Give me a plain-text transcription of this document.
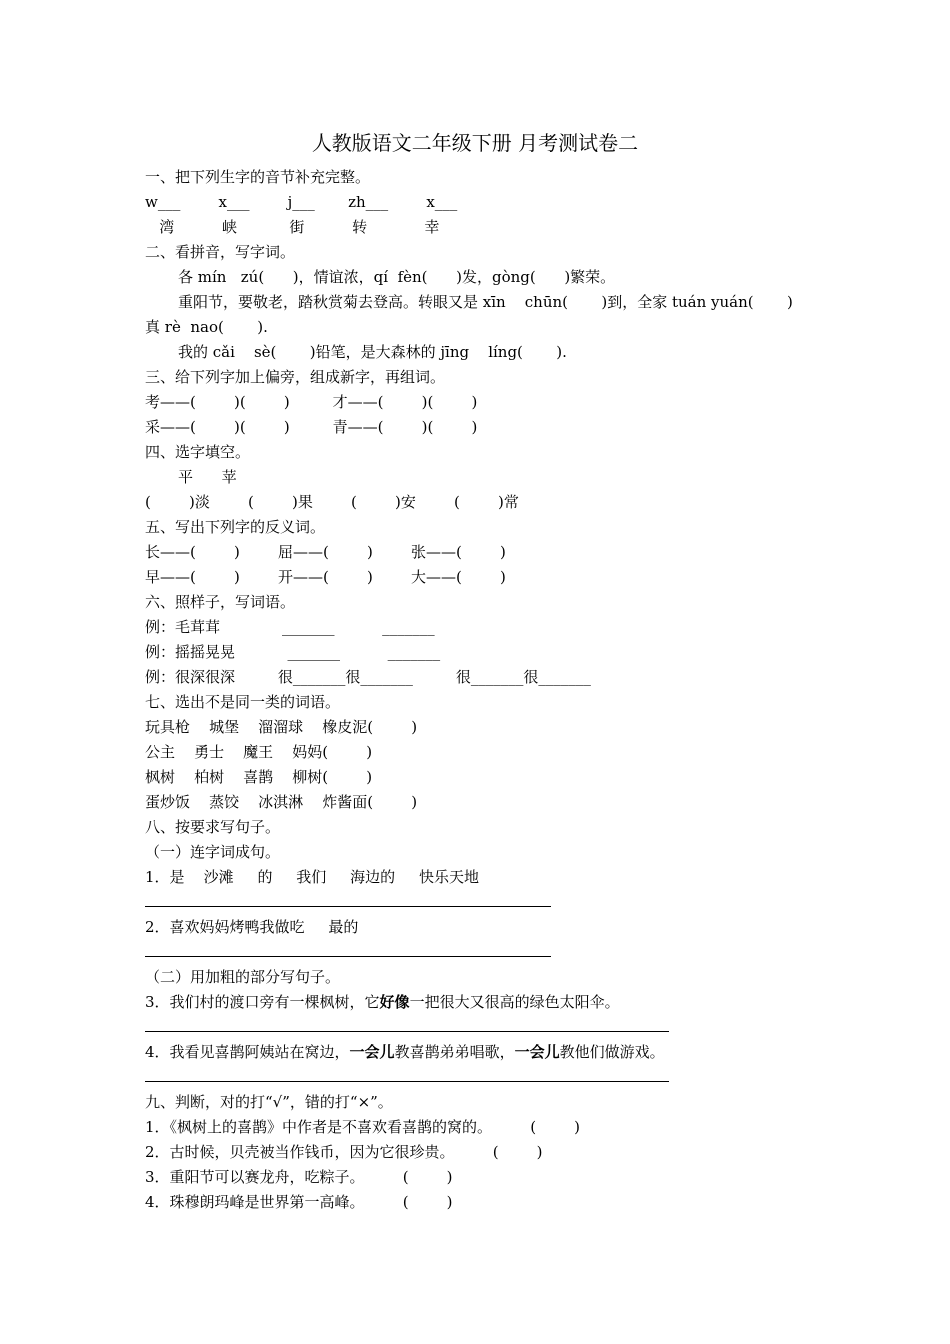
人教版语文二年级下册 月考测试卷二
一、把下列生字的音节补充完整。
w___        x___        j___       zh___        x___
湾          峡           街          转            幸
二、看拼音，写字词。
各 mín   zú(      )，情谊浓，qí  fèn(      )发，gòng(      )繁荣。
重阳节，要敬老，踏秋赏菊去登高。转眼又是 xīn    chūn(       )到，全家 tuán yuán(       )
真 rè  nao(       ).
我的 cǎi    sè(       )铅笔，是大森林的 jīng    líng(       ).
三、给下列字加上偏旁，组成新字，再组词。
考——(        )(        )         才——(        )(        )
采——(        )(        )         青——(        )(        )
四、选字填空。
平      苹
(        )淡        (        )果        (        )安        (        )常
五、写出下列字的反义词。
长——(        )        屈——(        )        张——(        )
早——(        )        开——(        )        大——(        )
六、照样子，写词语。
例：毛茸茸             _______          _______
例：摇摇晃晃           _______          _______
例：很深很深         很_______很_______         很_______很_______
七、选出不是同一类的词语。
玩具枪    城堡    溜溜球    橡皮泥(        )
公主    勇士    魔王    妈妈(        )
枫树    柏树    喜鹊    柳树(        )
蛋炒饭    蒸饺    冰淇淋    炸酱面(        )
八、按要求写句子。
（一）连字词成句。
1．是    沙滩     的     我们     海边的     快乐天地
2．喜欢妈妈烤鸭我做吃     最的
（二）用加粗的部分写句子。
3．我们村的渡口旁有一棵枫树，它好像一把很大又很高的绿色太阳伞。
4．我看见喜鹊阿姨站在窝边，一会儿教喜鹊弟弟唱歌，一会儿教他们做游戏。
九、判断，对的打“√”，错的打“×”。
1．《枫树上的喜鹊》中作者是不喜欢看喜鹊的窝的。        (        )
2．古时候，贝壳被当作钱币，因为它很珍贵。        (        )
3．重阳节可以赛龙舟，吃粽子。        (        )
4．珠穆朗玛峰是世界第一高峰。        (        )
